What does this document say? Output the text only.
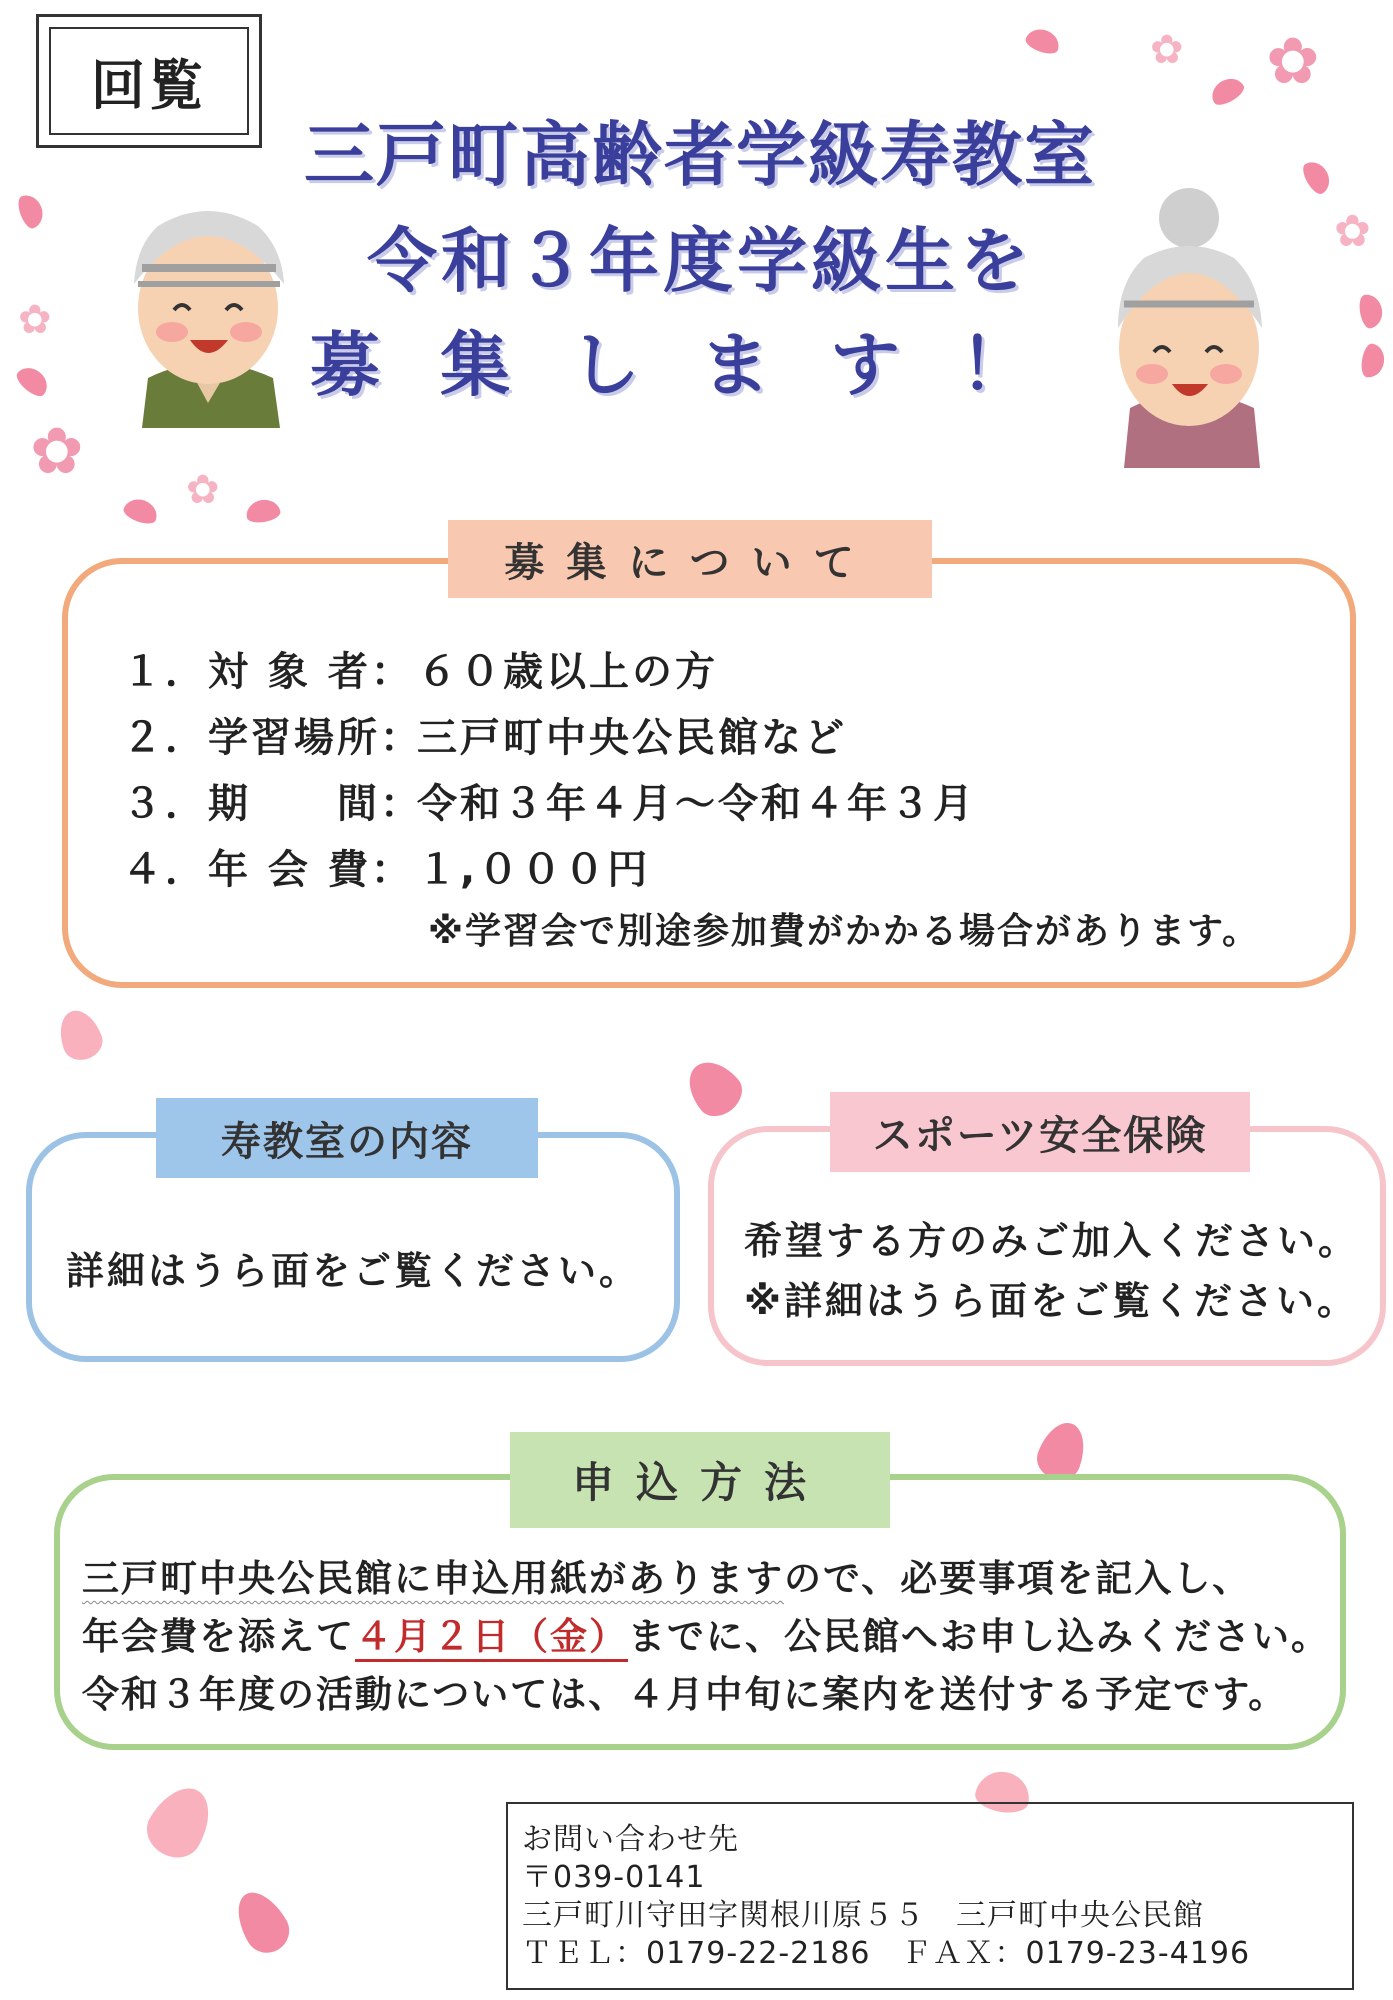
回覧
三戸町高齢者学級寿教室
令和３年度学級生を
募集します！
✿
✿
✿
✿
✿
✿
募集について
１．対 象 者：６０歳以上の方
２．学習場所：三戸町中央公民館など
３．期　　間：令和３年４月～令和４年３月
４．年 会 費：１,０００円
※学習会で別途参加費がかかる場合があります。
寿教室の内容
詳細はうら面をご覧ください。
スポーツ安全保険
希望する方のみご加入ください。
※詳細はうら面をご覧ください。
申込方法
三戸町中央公民館に申込用紙がありますので、必要事項を記入し、
年会費を添えて４月２日（金）までに、公民館へお申し込みください。
令和３年度の活動については、４月中旬に案内を送付する予定です。
お問い合わせ先
〒039-0141
三戸町川守田字関根川原５５　三戸町中央公民館
ＴＥＬ：0179-22-2186　ＦＡＸ：0179-23-4196
